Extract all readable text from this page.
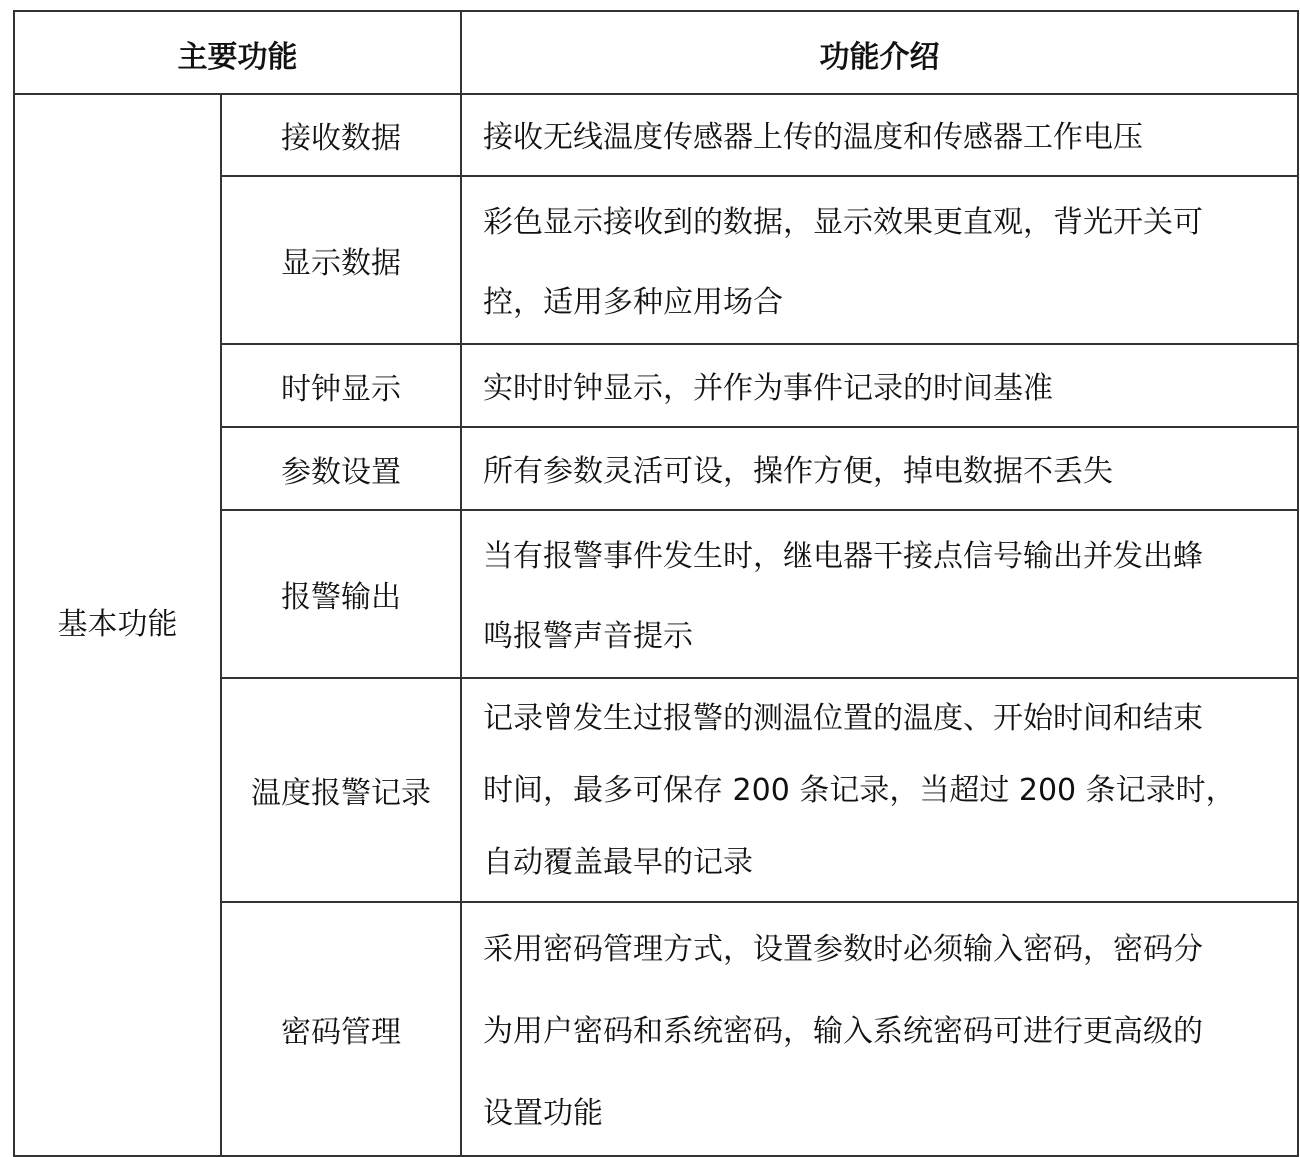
主要功能		功能介绍
基本功能	接收数据	接收无线温度传感器上传的温度和传感器工作电压

	显示数据	彩色显示接收到的数据，显示效果更直观，背光开关可
控，适用多种应用场合

	时钟显示	实时时钟显示，并作为事件记录的时间基准

	参数设置	所有参数灵活可设，操作方便，掉电数据不丢失

	报警输出	当有报警事件发生时，继电器干接点信号输出并发出蜂
鸣报警声音提示

	温度报警记录	记录曾发生过报警的测温位置的温度、开始时间和结束
时间，最多可保存 200 条记录，当超过 200 条记录时，
自动覆盖最早的记录

	密码管理	采用密码管理方式，设置参数时必须输入密码，密码分
为用户密码和系统密码，输入系统密码可进行更高级的
设置功能
